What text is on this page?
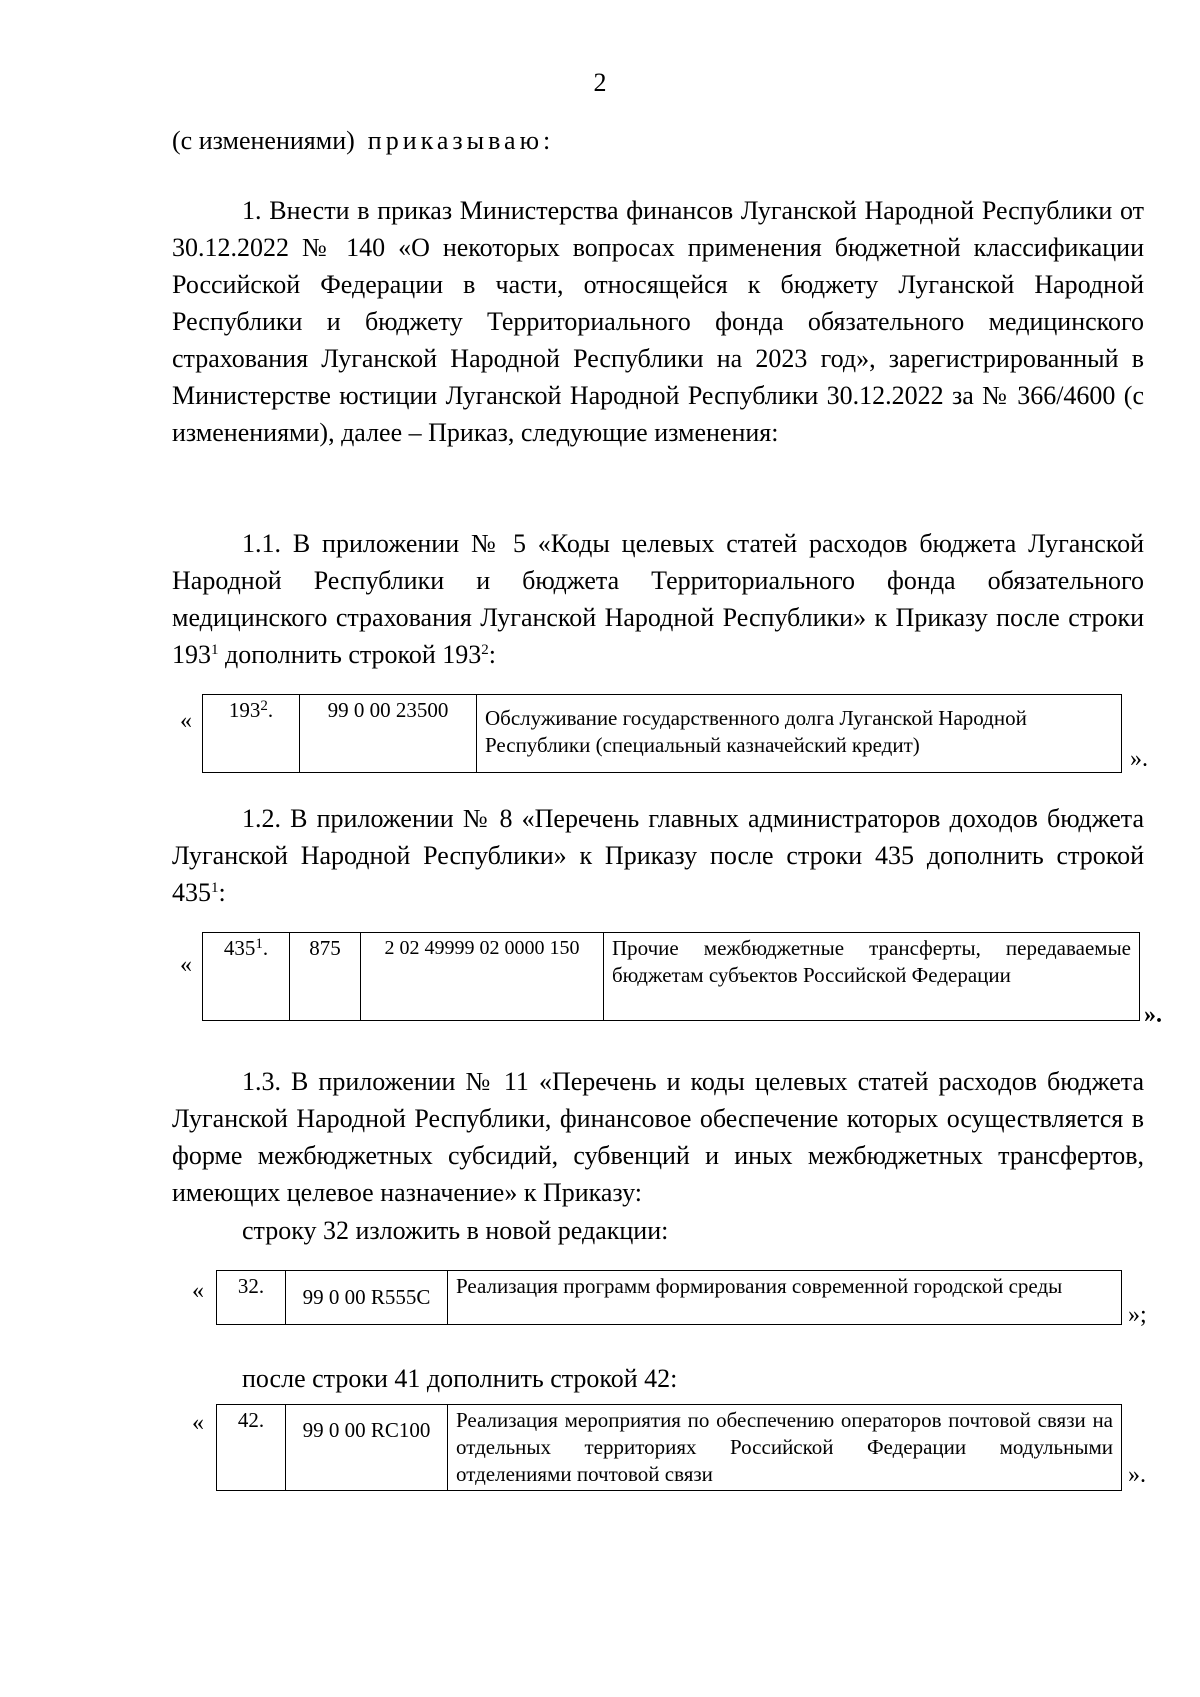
2
(с изменениями) приказываю:

1. Внести в приказ Министерства финансов Луганской Народной Республики от 30.12.2022 № 140 «О некоторых вопросах применения бюджетной классификации Российской Федерации в части, относящейся к бюджету Луганской Народной Республики и бюджету Территориального фонда обязательного медицинского страхования Луганской Народной Республики на 2023 год», зарегистрированный в Министерстве юстиции Луганской Народной Республики 30.12.2022 за № 366/4600 (с изменениями), далее – Приказ, следующие изменения:

1.1. В приложении № 5 «Коды целевых статей расходов бюджета Луганской Народной Республики и бюджета Территориального фонда обязательного медицинского страхования Луганской Народной Республики» к Приказу после строки $193^1$ дополнить строкой $193^2$:

« $193^2$.	99 0 00 23500	Обслуживание государственного долга Луганской Народной Республики (специальный казначейский кредит)
».

1.2. В приложении № 8 «Перечень главных администраторов доходов бюджета Луганской Народной Республики» к Приказу после строки 435 дополнить строкой $435^1$:

«
$435^1$.	875	2 02 49999 02 0000 150	Прочие межбюджетные трансферты, передаваемые бюджетам субъектов Российской Федерации
».

1.3. В приложении № 11 «Перечень и коды целевых статей расходов бюджета Луганской Народной Республики, финансовое обеспечение которых осуществляется в форме межбюджетных субсидий, субвенций и иных межбюджетных трансфертов, имеющих целевое назначение» к Приказу:

строку 32 изложить в новой редакции:
« 32.	99 0 00 R555C	Реализация программ формирования современной городской среды
»;
после строки 41 дополнить строкой 42:
« 42.	99 0 00 RC100	Реализация мероприятия по обеспечению операторов почтовой связи на отдельных территориях Российской Федерации модульными отделениями почтовой связи	».
